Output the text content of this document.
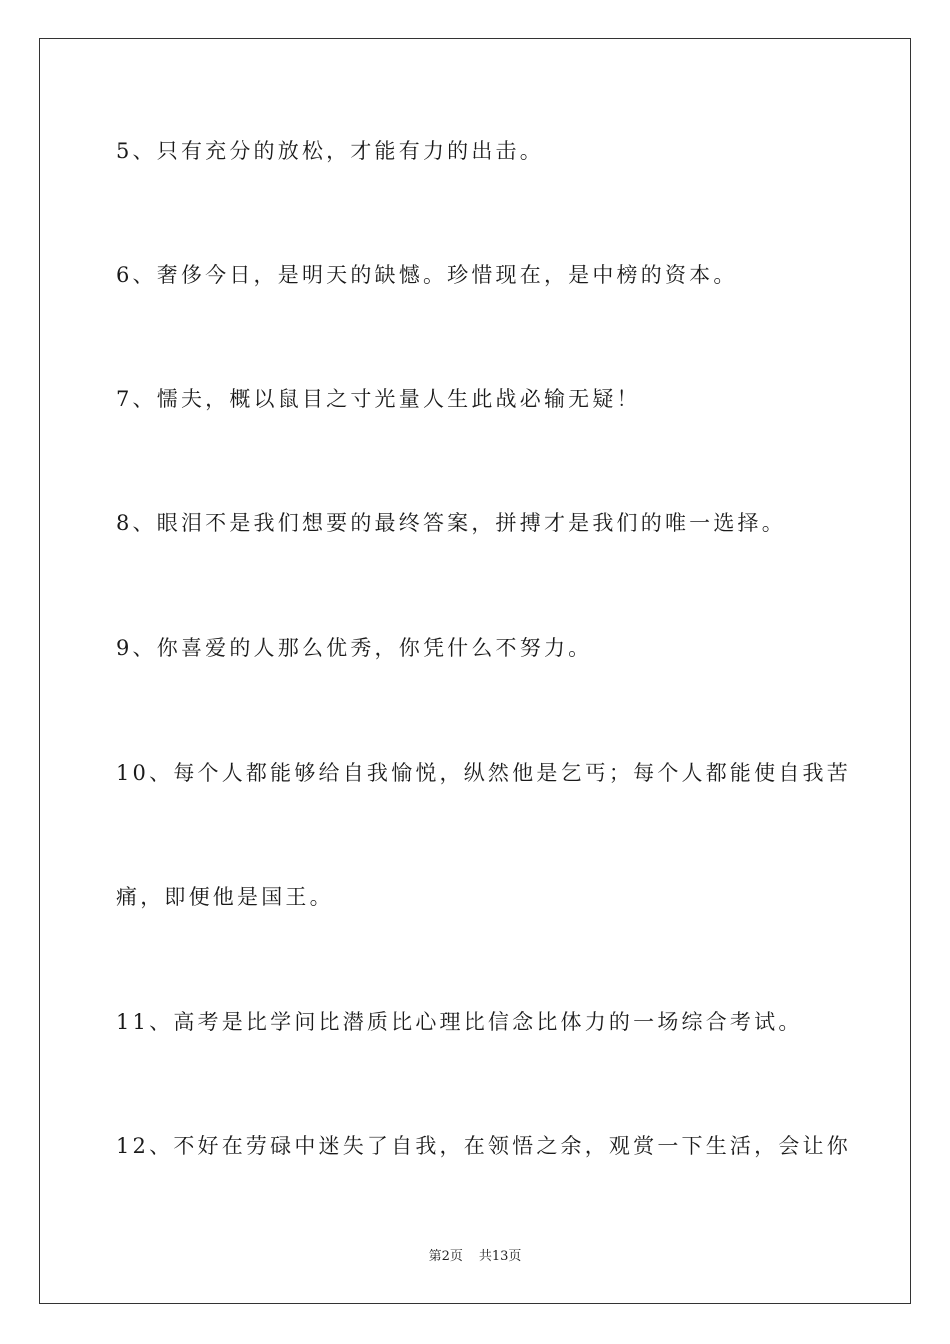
5、只有充分的放松，才能有力的出击。
6、奢侈今日，是明天的缺憾。珍惜现在，是中榜的资本。
7、懦夫，概以鼠目之寸光量人生此战必输无疑！
8、眼泪不是我们想要的最终答案，拼搏才是我们的唯一选择。
9、你喜爱的人那么优秀，你凭什么不努力。
10、每个人都能够给自我愉悦，纵然他是乞丐；每个人都能使自我苦
痛，即便他是国王。
11、高考是比学问比潜质比心理比信念比体力的一场综合考试。
12、不好在劳碌中迷失了自我，在领悟之余，观赏一下生活，会让你
第2页 共13页
